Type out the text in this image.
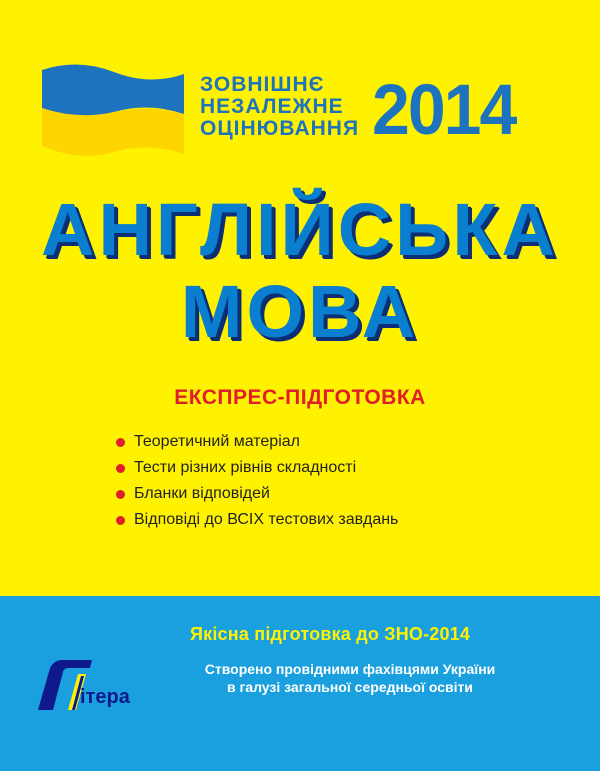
ЗОВНІШНЄ
НЕЗАЛЕЖНЕ
ОЦІНЮВАННЯ 2014
АНГЛІЙСЬКА
МОВА
ЕКСПРЕС-ПІДГОТОВКА
Теоретичний матеріал
Тести різних рівнів складності
Бланки відповідей
Відповіді до ВСІХ тестових завдань
Якісна підготовка до ЗНО-2014
Створено провідними фахівцями України
в галузі загальної середньої освіти
ітера
